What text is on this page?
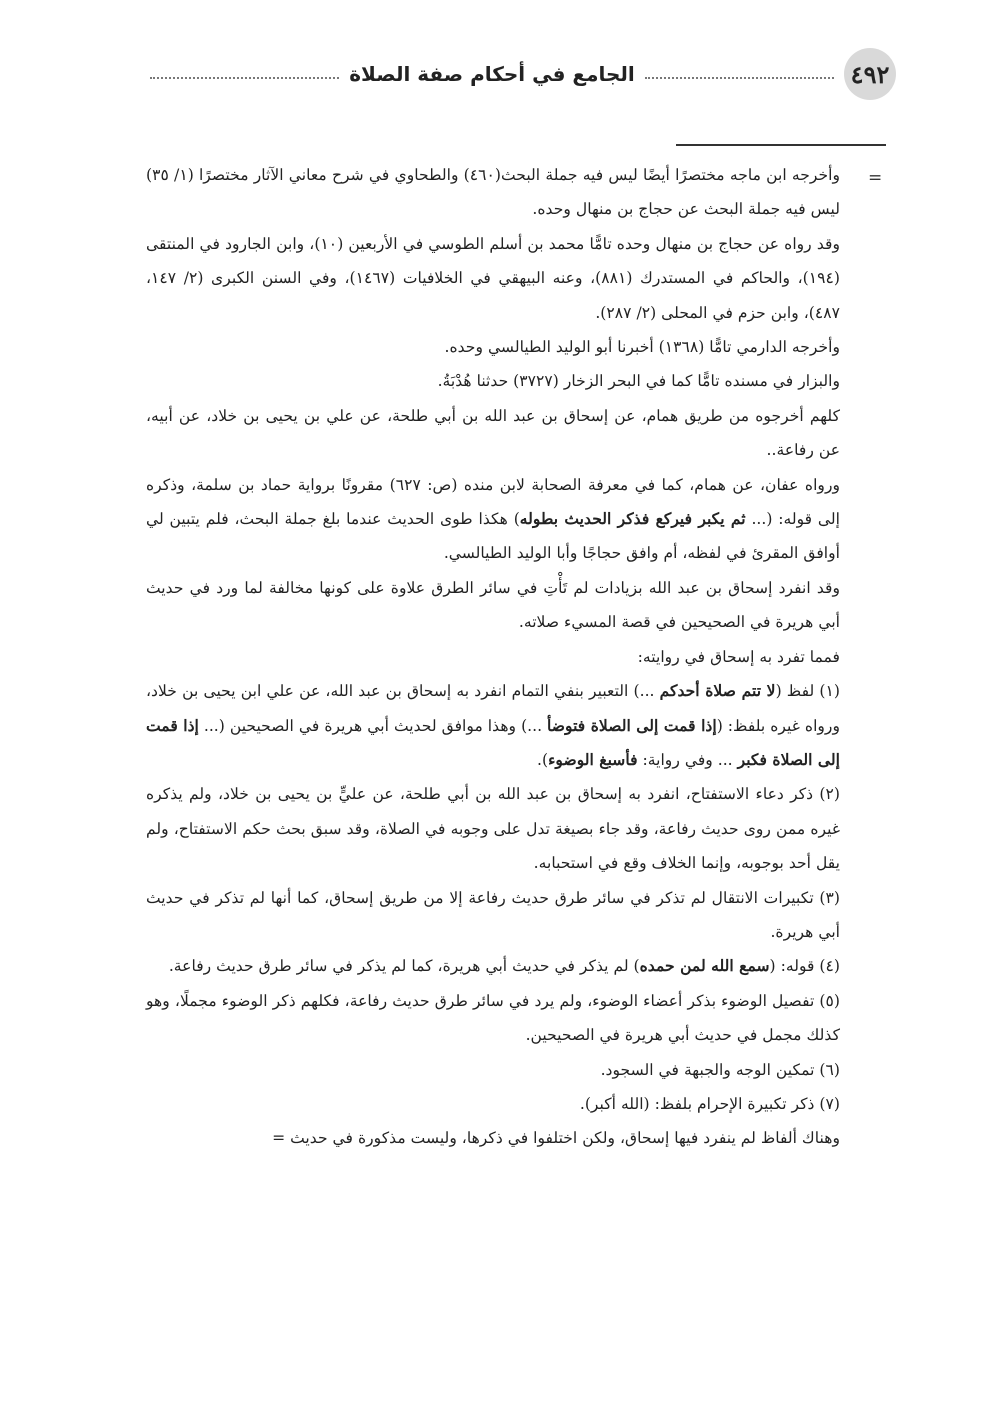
٤٩٢
الجامع في أحكام صفة الصلاة
=

وأخرجه ابن ماجه مختصرًا أيضًا ليس فيه جملة البحث(٤٦٠) والطحاوي في شرح معاني الآثار مختصرًا (١/ ٣٥) ليس فيه جملة البحث عن حجاج بن منهال وحده.

وقد رواه عن حجاج بن منهال وحده تامًّا محمد بن أسلم الطوسي في الأربعين (١٠)، وابن الجارود في المنتقى (١٩٤)، والحاكم في المستدرك (٨٨١)، وعنه البيهقي في الخلافيات (١٤٦٧)، وفي السنن الكبرى (٢/ ١٤٧، ٤٨٧)، وابن حزم في المحلى (٢/ ٢٨٧).

وأخرجه الدارمي تامًّا (١٣٦٨) أخبرنا أبو الوليد الطيالسي وحده.

والبزار في مسنده تامًّا كما في البحر الزخار (٣٧٢٧) حدثنا هُدْبَةُ.

كلهم أخرجوه من طريق همام، عن إسحاق بن عبد الله بن أبي طلحة، عن علي بن يحيى بن خلاد، عن أبيه، عن رفاعة..

ورواه عفان، عن همام، كما في معرفة الصحابة لابن منده (ص: ٦٢٧) مقرونًا برواية حماد بن سلمة، وذكره إلى قوله: (... ثم يكبر فيركع فذكر الحديث بطوله) هكذا طوى الحديث عندما بلغ جملة البحث، فلم يتبين لي أوافق المقرئ في لفظه، أم وافق حجاجًا وأبا الوليد الطيالسي.

وقد انفرد إسحاق بن عبد الله بزيادات لم تَأْتِ في سائر الطرق علاوة على كونها مخالفة لما ورد في حديث أبي هريرة في الصحيحين في قصة المسيء صلاته.

فمما تفرد به إسحاق في روايته:

(١) لفظ (لا تتم صلاة أحدكم ...) التعبير بنفي التمام انفرد به إسحاق بن عبد الله، عن علي ابن يحيى بن خلاد، ورواه غيره بلفظ: (إذا قمت إلى الصلاة فتوضأ ...) وهذا موافق لحديث أبي هريرة في الصحيحين (... إذا قمت إلى الصلاة فكبر ... وفي رواية: فأسبغ الوضوء).

(٢) ذكر دعاء الاستفتاح، انفرد به إسحاق بن عبد الله بن أبي طلحة، عن عليٍّ بن يحيى بن خلاد، ولم يذكره غيره ممن روى حديث رفاعة، وقد جاء بصيغة تدل على وجوبه في الصلاة، وقد سبق بحث حكم الاستفتاح، ولم يقل أحد بوجوبه، وإنما الخلاف وقع في استحبابه.

(٣) تكبيرات الانتقال لم تذكر في سائر طرق حديث رفاعة إلا من طريق إسحاق، كما أنها لم تذكر في حديث أبي هريرة.

(٤) قوله: (سمع الله لمن حمده) لم يذكر في حديث أبي هريرة، كما لم يذكر في سائر طرق حديث رفاعة.

(٥) تفصيل الوضوء بذكر أعضاء الوضوء، ولم يرد في سائر طرق حديث رفاعة، فكلهم ذكر الوضوء مجملًا، وهو كذلك مجمل في حديث أبي هريرة في الصحيحين.

(٦) تمكين الوجه والجبهة في السجود.

(٧) ذكر تكبيرة الإحرام بلفظ: (الله أكبر).

وهناك ألفاظ لم ينفرد فيها إسحاق، ولكن اختلفوا في ذكرها، وليست مذكورة في حديث =
